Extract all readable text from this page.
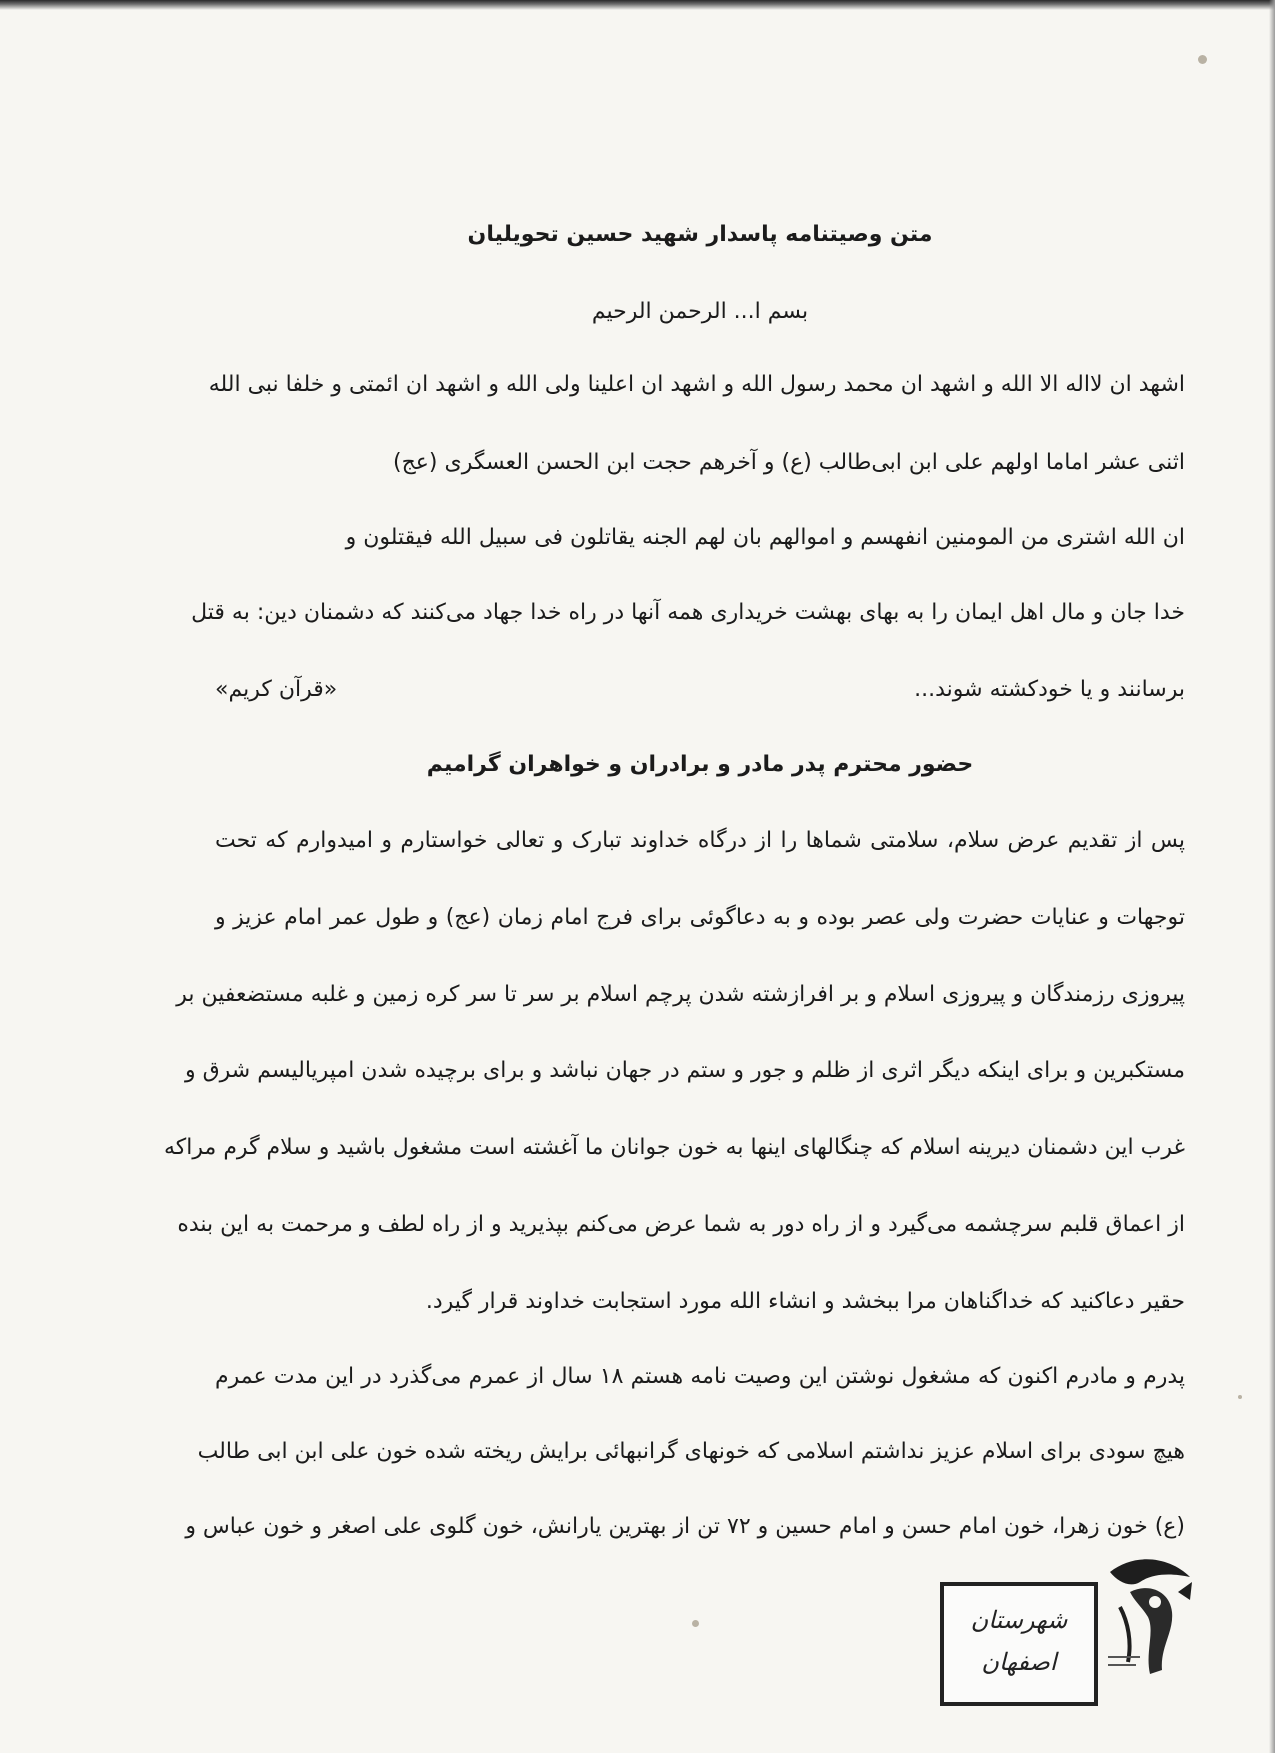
متن وصیتنامه پاسدار شهید حسین تحویلیان
بسم ا... الرحمن الرحیم
اشهد ان لااله الا الله و اشهد ان محمد رسول الله و اشهد ان اعلینا ولی الله و اشهد ان ائمتی و خلفا نبی الله
اثنی عشر اماما اولهم علی ابن ابی‌طالب (ع) و آخرهم حجت ابن الحسن العسگری (عج)
ان الله اشتری من المومنین انفهسم و اموالهم بان لهم الجنه یقاتلون فی سبیل الله فیقتلون و
خدا جان و مال اهل ایمان را به بهای بهشت خریداری همه آنها در راه خدا جهاد می‌کنند که دشمنان دین: به قتل
برسانند و یا خودکشته شوند...
«قرآن کریم»
حضور محترم پدر مادر و برادران و خواهران گرامیم
پس از تقدیم عرض سلام، سلامتی شماها را از درگاه خداوند تبارک و تعالی خواستارم و امیدوارم که تحت
توجهات و عنایات حضرت ولی عصر بوده و به دعاگوئی برای فرج امام زمان (عج) و طول عمر امام عزیز و
پیروزی رزمندگان و پیروزی اسلام و بر افرازشته شدن پرچم اسلام بر سر تا سر کره زمین و غلبه مستضعفین بر
مستکبرین و برای اینکه دیگر اثری از ظلم و جور و ستم در جهان نباشد و برای برچیده شدن امپریالیسم شرق و
غرب این دشمنان دیرینه اسلام که چنگالهای اینها به خون جوانان ما آغشته است مشغول باشید و سلام گرم مراکه
از اعماق قلبم سرچشمه می‌گیرد و از راه دور به شما عرض می‌کنم بپذیرید و از راه لطف و مرحمت به این بنده
حقیر دعاکنید که خداگناهان مرا ببخشد و انشاء الله مورد استجابت خداوند قرار گیرد.
پدرم و مادرم اکنون که مشغول نوشتن این وصیت نامه هستم ۱۸ سال از عمرم می‌گذرد در این مدت عمرم
هیچ سودی برای اسلام عزیز نداشتم اسلامی که خونهای گرانبهائی برایش ریخته شده خون علی ابن ابی طالب
(ع) خون زهرا، خون امام حسن و امام حسین و ۷۲ تن از بهترین یارانش، خون گلوی علی اصغر و خون عباس و
شهرستان
اصفهان
